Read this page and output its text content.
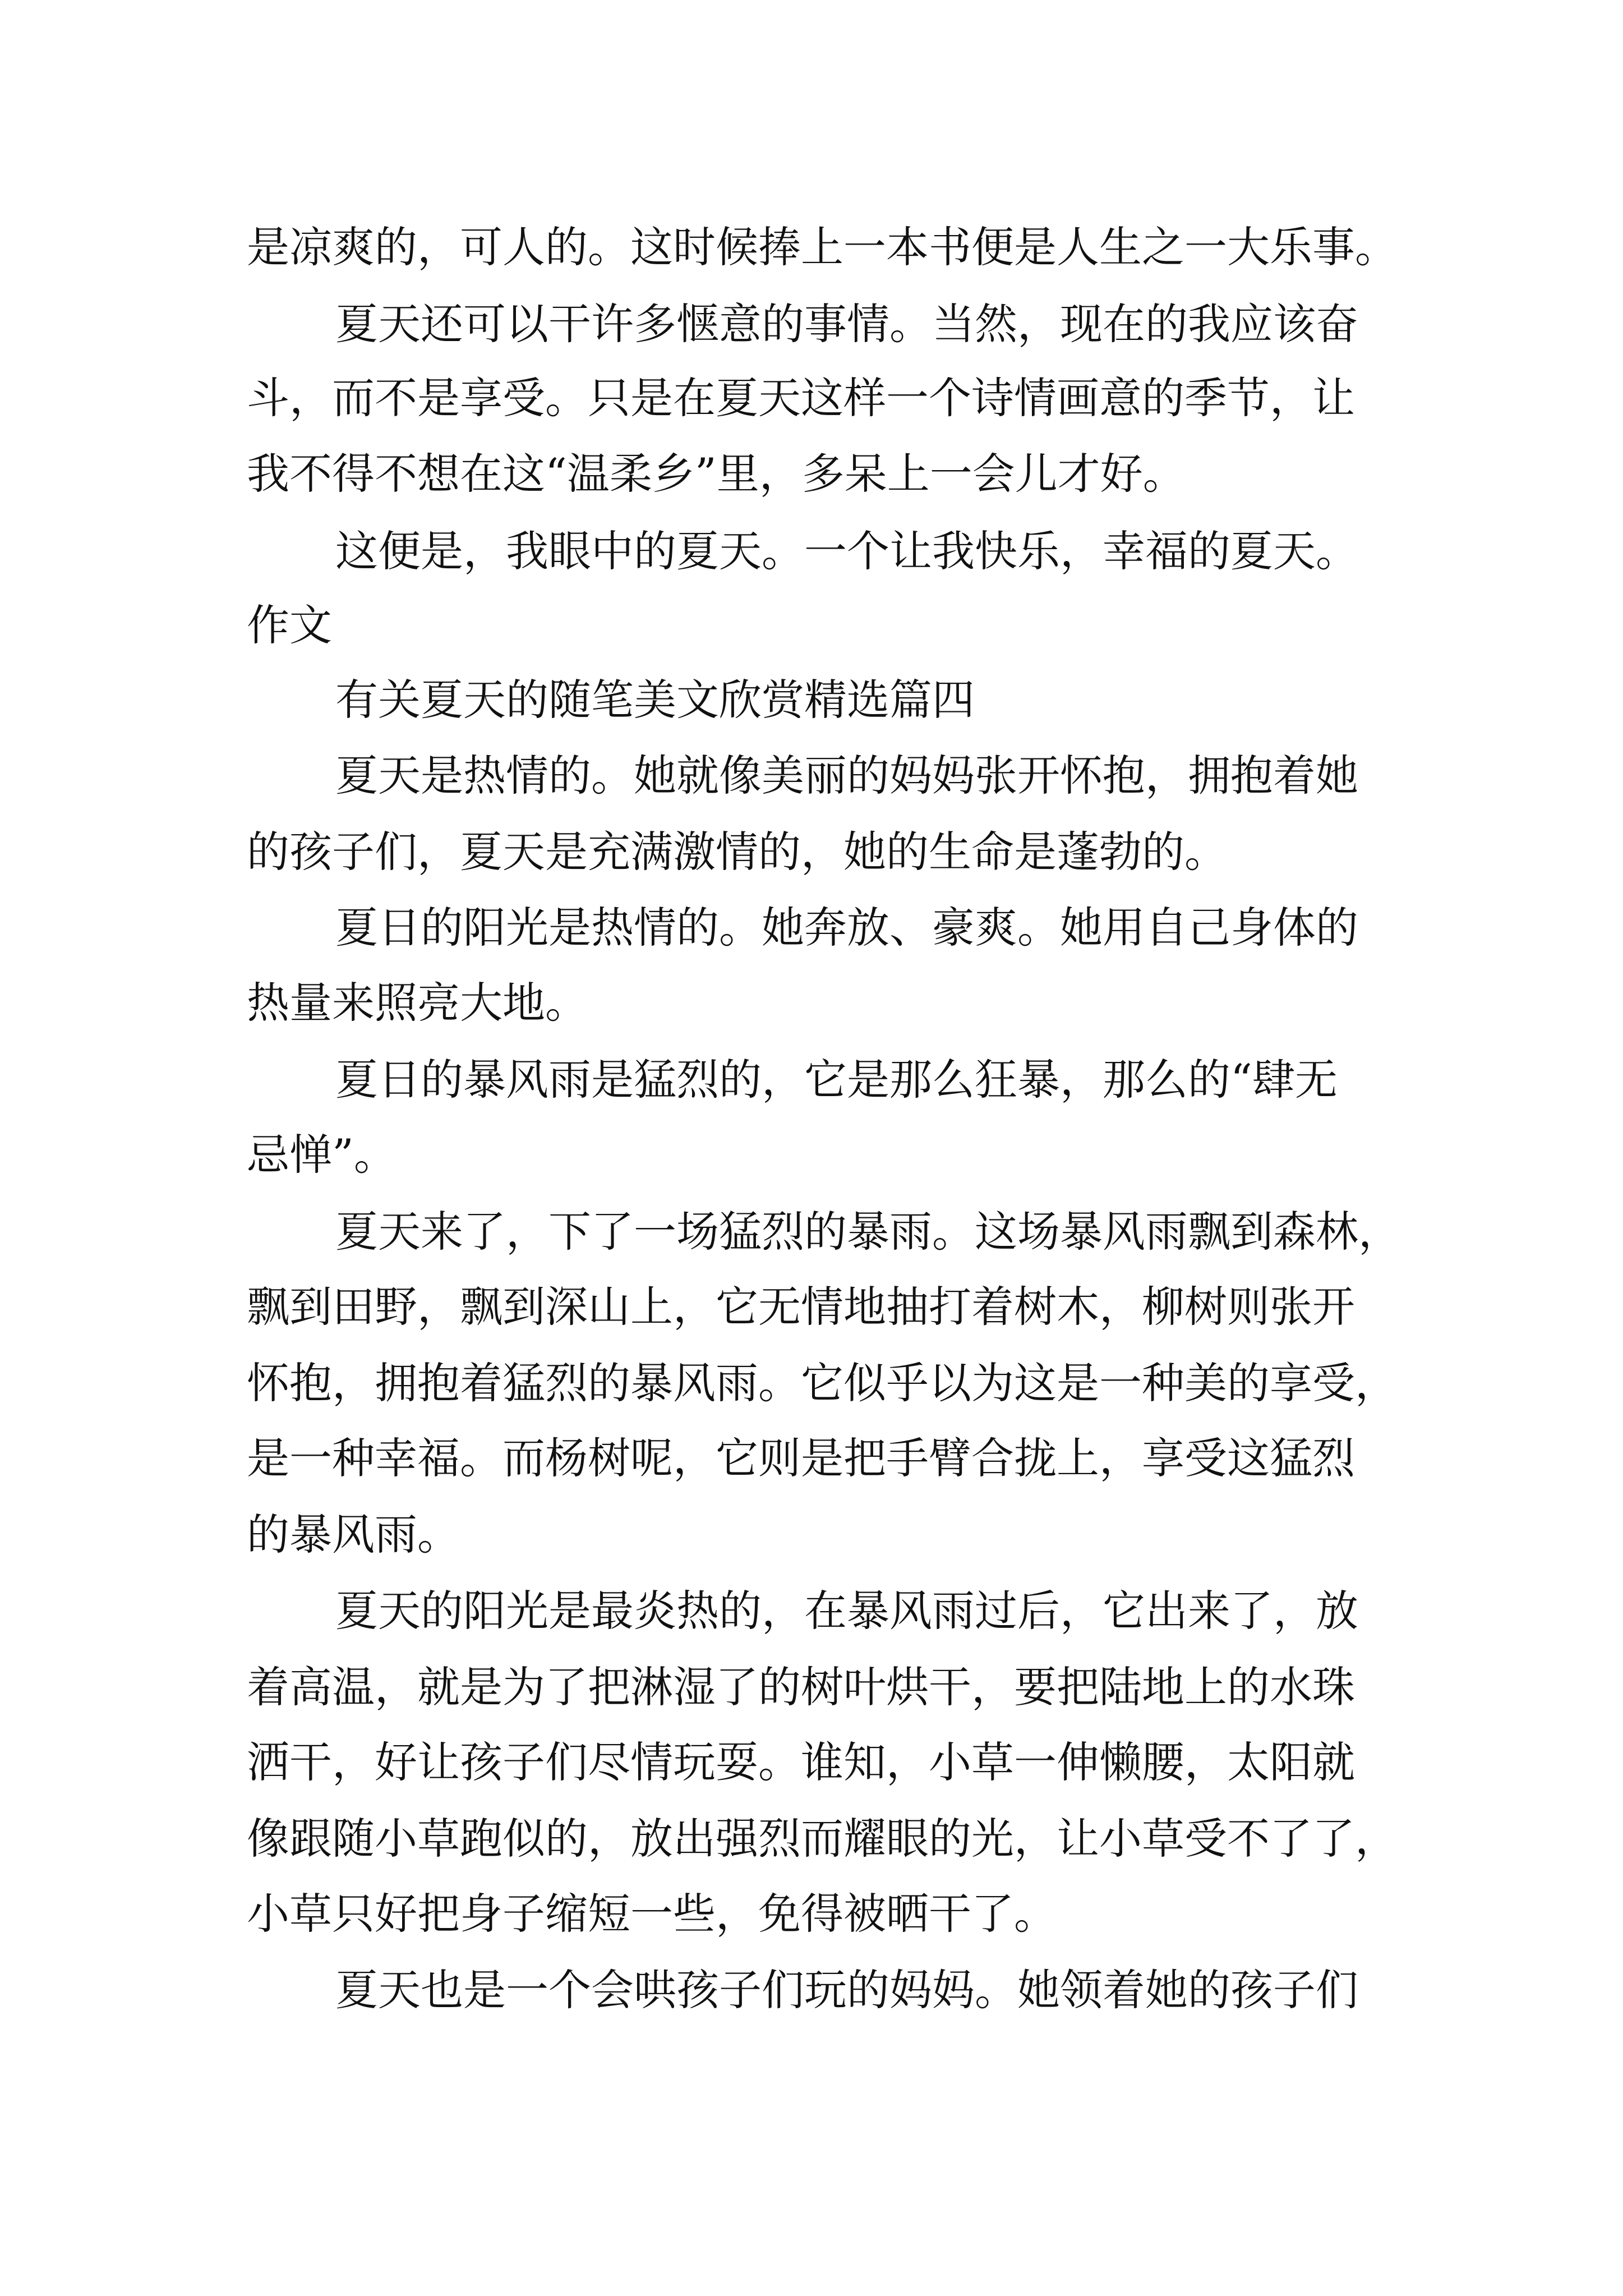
是凉爽的，可人的。这时候捧上一本书便是人生之一大乐事。
夏天还可以干许多惬意的事情。当然，现在的我应该奋
斗，而不是享受。只是在夏天这样一个诗情画意的季节，让
我不得不想在这“温柔乡”里，多呆上一会儿才好。
这便是，我眼中的夏天。一个让我快乐，幸福的夏天。
作文
有关夏天的随笔美文欣赏精选篇四
夏天是热情的。她就像美丽的妈妈张开怀抱，拥抱着她
的孩子们，夏天是充满激情的，她的生命是蓬勃的。
夏日的阳光是热情的。她奔放、豪爽。她用自己身体的
热量来照亮大地。
夏日的暴风雨是猛烈的，它是那么狂暴，那么的“肆无
忌惮”。
夏天来了，下了一场猛烈的暴雨。这场暴风雨飘到森林，
飘到田野，飘到深山上，它无情地抽打着树木，柳树则张开
怀抱，拥抱着猛烈的暴风雨。它似乎以为这是一种美的享受，
是一种幸福。而杨树呢，它则是把手臂合拢上，享受这猛烈
的暴风雨。
夏天的阳光是最炎热的，在暴风雨过后，它出来了，放
着高温，就是为了把淋湿了的树叶烘干，要把陆地上的水珠
洒干，好让孩子们尽情玩耍。谁知，小草一伸懒腰，太阳就
像跟随小草跑似的，放出强烈而耀眼的光，让小草受不了了，
小草只好把身子缩短一些，免得被晒干了。
夏天也是一个会哄孩子们玩的妈妈。她领着她的孩子们
